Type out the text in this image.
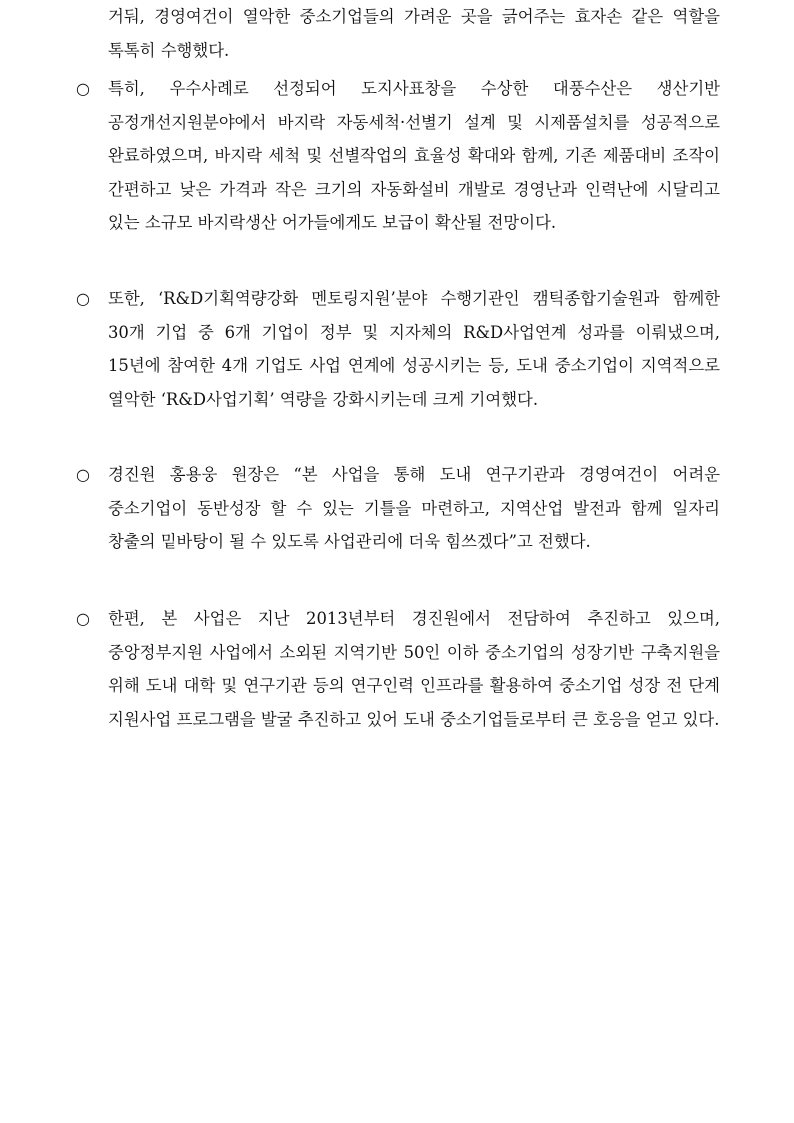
거둬, 경영여건이 열악한 중소기업들의 가려운 곳을 긁어주는 효자손 같은 역할을 톡톡히 수행했다.
○	특히, 우수사례로 선정되어 도지사표창을 수상한 대풍수산은 생산기반 공정개선지원분야에서 바지락 자동세척·선별기 설계 및 시제품설치를 성공적으로 완료하였으며, 바지락 세척 및 선별작업의 효율성 확대와 함께, 기존 제품대비 조작이 간편하고 낮은 가격과 작은 크기의 자동화설비 개발로 경영난과 인력난에 시달리고 있는 소규모 바지락생산 어가들에게도 보급이 확산될 전망이다.
○	또한, ‘R&D기획역량강화 멘토링지원’분야 수행기관인 캠틱종합기술원과 함께한 30개 기업 중 6개 기업이 정부 및 지자체의 R&D사업연계 성과를 이뤄냈으며, 15년에 참여한 4개 기업도 사업 연계에 성공시키는 등, 도내 중소기업이 지역적으로 열악한 ‘R&D사업기획’ 역량을 강화시키는데 크게 기여했다.
○	경진원 홍용웅 원장은 “본 사업을 통해 도내 연구기관과 경영여건이 어려운 중소기업이 동반성장 할 수 있는 기틀을 마련하고, 지역산업 발전과 함께 일자리 창출의 밑바탕이 될 수 있도록 사업관리에 더욱 힘쓰겠다”고 전했다.
○	한편, 본 사업은 지난 2013년부터 경진원에서 전담하여 추진하고 있으며, 중앙정부지원 사업에서 소외된 지역기반 50인 이하 중소기업의 성장기반 구축지원을 위해 도내 대학 및 연구기관 등의 연구인력 인프라를 활용하여 중소기업 성장 전 단계 지원사업 프로그램을 발굴 추진하고 있어 도내 중소기업들로부터 큰 호응을 얻고 있다.
